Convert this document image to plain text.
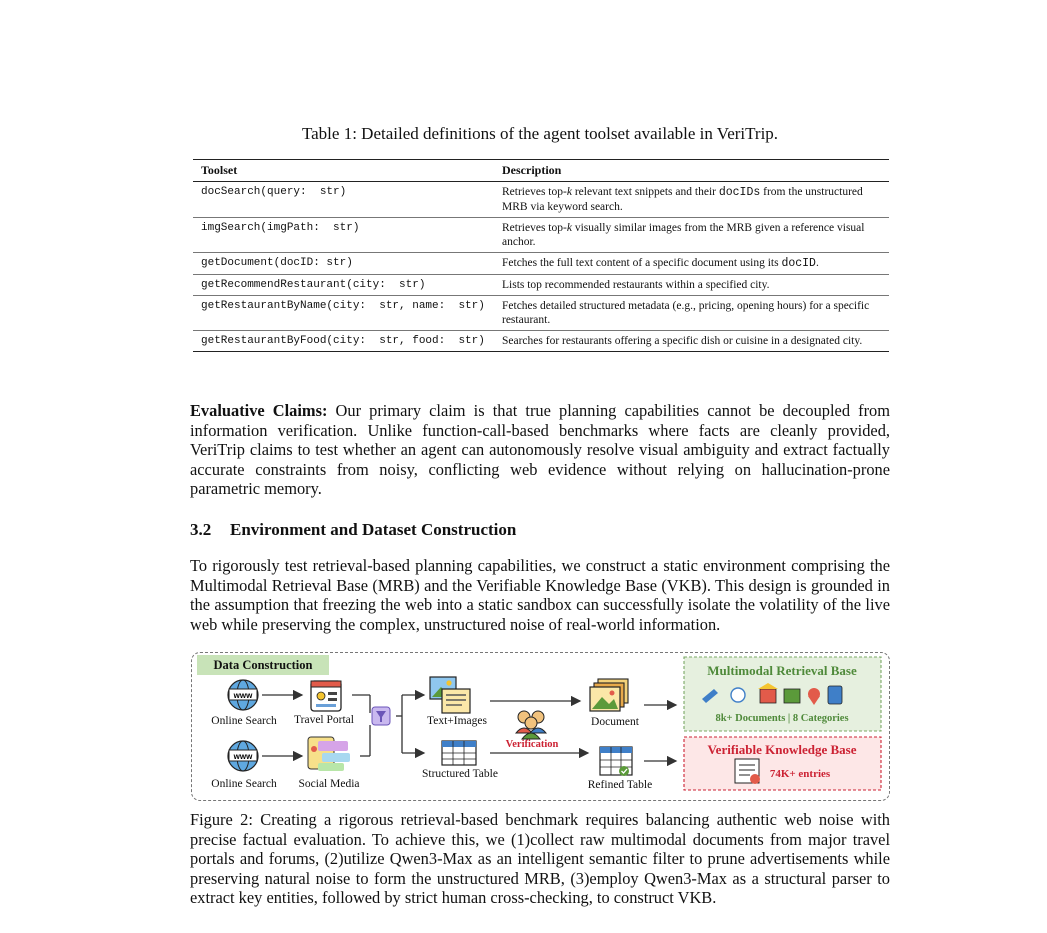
Table 1: Detailed definitions of the agent toolset available in VeriTrip.
Toolset	Description
docSearch(query:  str)	Retrieves top-k relevant text snippets and their docIDs from the unstructured MRB via keyword search.
imgSearch(imgPath:  str)	Retrieves top-k visually similar images from the MRB given a reference visual anchor.
getDocument(docID: str)	Fetches the full text content of a specific document using its docID.
getRecommendRestaurant(city:  str)	Lists top recommended restaurants within a specified city.
getRestaurantByName(city:  str, name:  str)	Fetches detailed structured metadata (e.g., pricing, opening hours) for a specific restaurant.
getRestaurantByFood(city:  str, food:  str)	Searches for restaurants offering a specific dish or cuisine in a designated city.
Evaluative Claims: Our primary claim is that true planning capabilities cannot be decoupled from information verification. Unlike function-call-based benchmarks where facts are cleanly provided, VeriTrip claims to test whether an agent can autonomously resolve visual ambiguity and extract factually accurate constraints from noisy, conflicting web evidence without relying on hallucination-prone parametric memory.
3.2 Environment and Dataset Construction
To rigorously test retrieval-based planning capabilities, we construct a static environment comprising the Multimodal Retrieval Base (MRB) and the Verifiable Knowledge Base (VKB). This design is grounded in the assumption that freezing the web into a static sandbox can successfully isolate the volatility of the live web while preserving the complex, unstructured noise of real-world information.
Data Construction
www
www
Multimodal Retrieval Base
8k+ Documents | 8 Categories
Verifiable Knowledge Base
74K+ entries
Online Search	Travel Portal
Online Search	Social Media
Text+Images
Structured Table
Verification
Document
Refined Table
Figure 2: Creating a rigorous retrieval-based benchmark requires balancing authentic web noise with precise factual evaluation. To achieve this, we (1)collect raw multimodal documents from major travel portals and forums, (2)utilize Qwen3-Max as an intelligent semantic filter to prune advertisements while preserving natural noise to form the unstructured MRB, (3)employ Qwen3-Max as a structural parser to extract key entities, followed by strict human cross-checking, to construct VKB.
